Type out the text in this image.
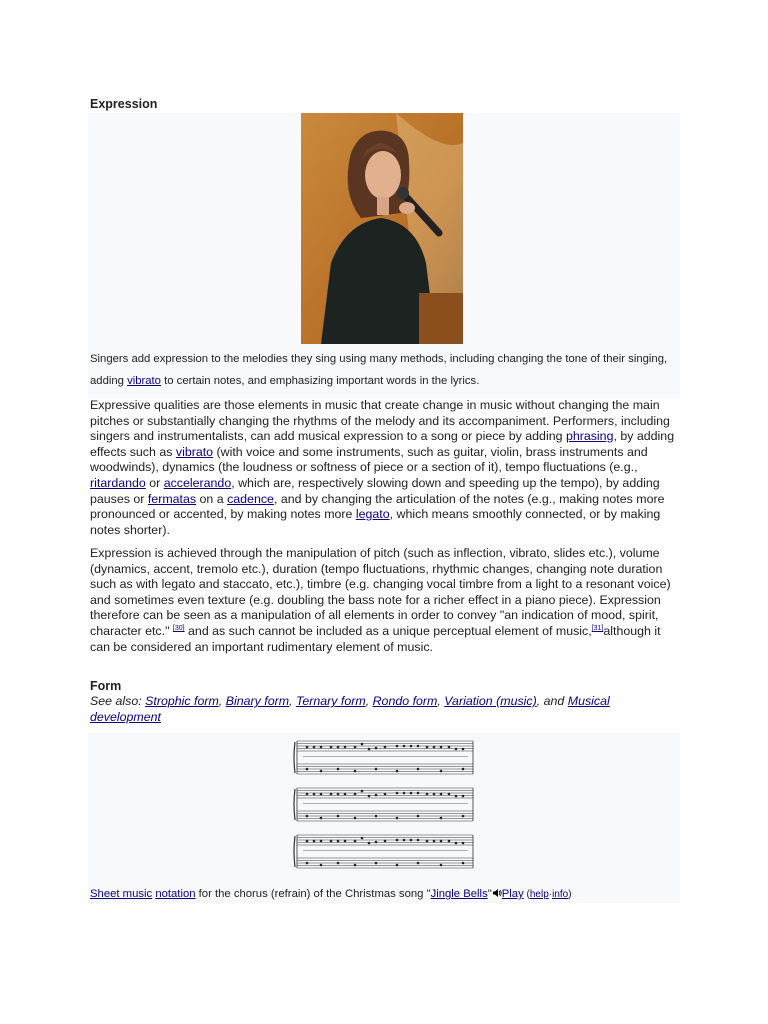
Expression
Singers add expression to the melodies they sing using many methods, including changing the tone of their singing, adding vibrato to certain notes, and emphasizing important words in the lyrics.

Expressive qualities are those elements in music that create change in music without changing the main pitches or substantially changing the rhythms of the melody and its accompaniment. Performers, including singers and instrumentalists, can add musical expression to a song or piece by adding phrasing, by adding effects such as vibrato (with voice and some instruments, such as guitar, violin, brass instruments and woodwinds), dynamics (the loudness or softness of piece or a section of it), tempo fluctuations (e.g., ritardando or accelerando, which are, respectively slowing down and speeding up the tempo), by adding pauses or fermatas on a cadence, and by changing the articulation of the notes (e.g., making notes more pronounced or accented, by making notes more legato, which means smoothly connected, or by making notes shorter).

Expression is achieved through the manipulation of pitch (such as inflection, vibrato, slides etc.), volume (dynamics, accent, tremolo etc.), duration (tempo fluctuations, rhythmic changes, changing note duration such as with legato and staccato, etc.), timbre (e.g. changing vocal timbre from a light to a resonant voice) and sometimes even texture (e.g. doubling the bass note for a richer effect in a piano piece). Expression therefore can be seen as a manipulation of all elements in order to convey "an indication of mood, spirit, character etc." [30] and as such cannot be included as a unique perceptual element of music,[31]although it can be considered an important rudimentary element of music.

Form
See also: Strophic form, Binary form, Ternary form, Rondo form, Variation (music), and Musical development
Sheet music notation for the chorus (refrain) of the Christmas song "Jingle Bells" Play (help·info)
